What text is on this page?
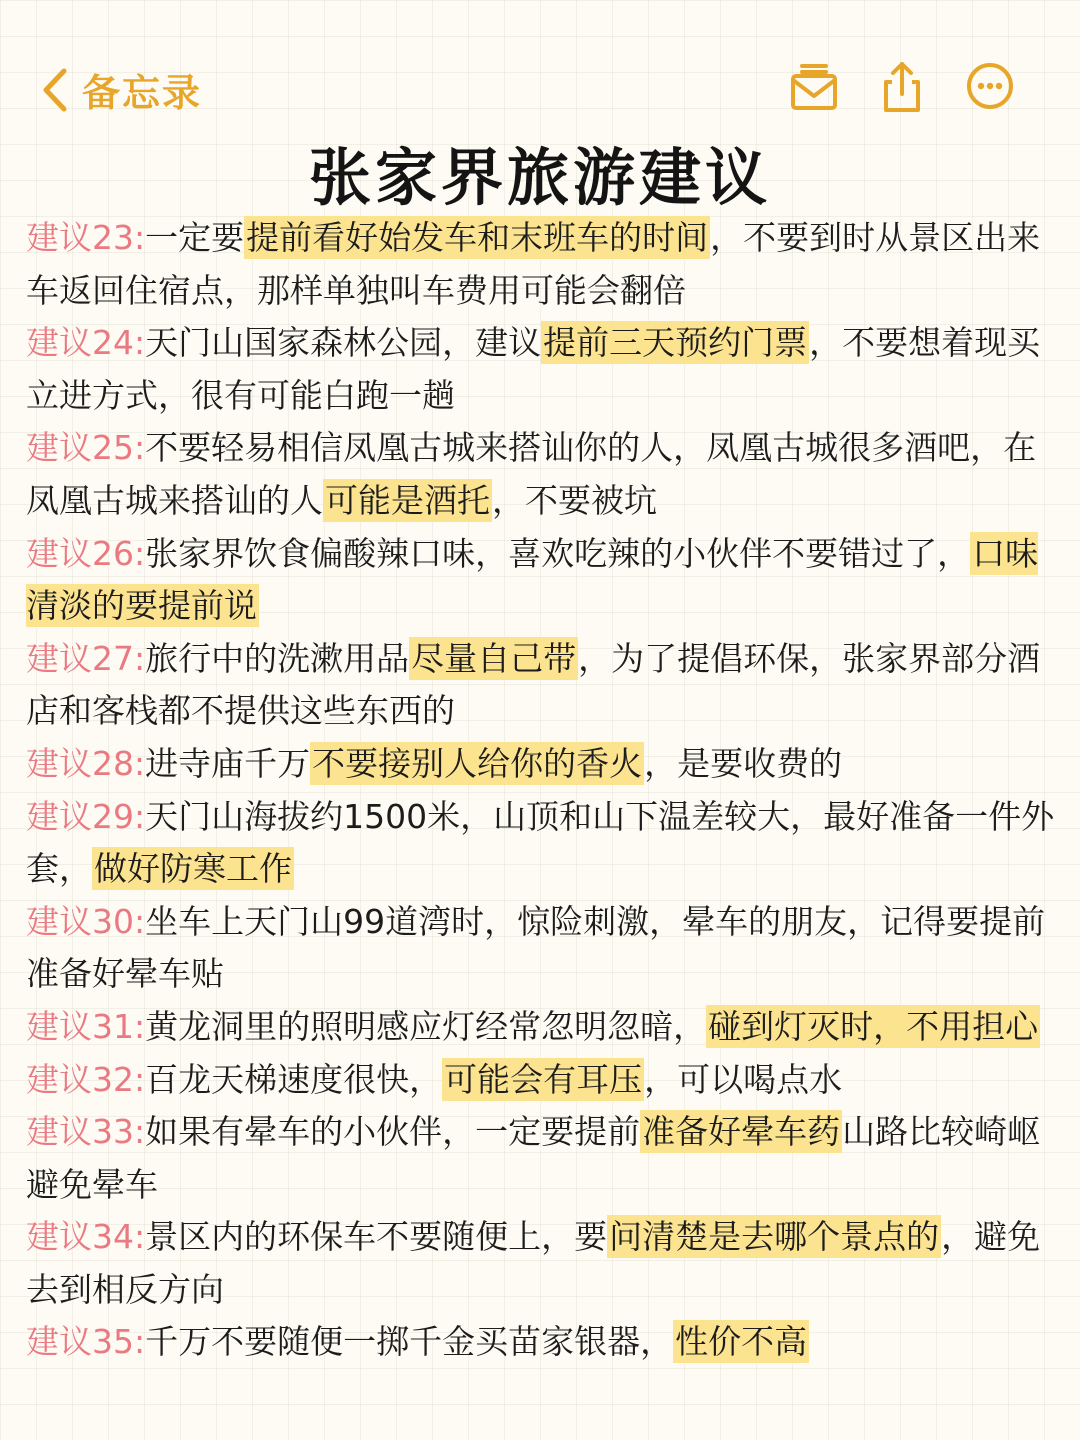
备忘录
张家界旅游建议

建议23:一定要提前看好始发车和末班车的时间，不要到时从景区出来车返回住宿点，那样单独叫车费用可能会翻倍

建议24:天门山国家森林公园，建议提前三天预约门票，不要想着现买立进方式，很有可能白跑一趟

建议25:不要轻易相信凤凰古城来搭讪你的人，凤凰古城很多酒吧，在凤凰古城来搭讪的人可能是酒托，不要被坑

建议26:张家界饮食偏酸辣口味，喜欢吃辣的小伙伴不要错过了，口味清淡的要提前说

建议27:旅行中的洗漱用品尽量自己带，为了提倡环保，张家界部分酒店和客栈都不提供这些东西的

建议28:进寺庙千万不要接别人给你的香火，是要收费的

建议29:天门山海拔约1500米，山顶和山下温差较大，最好准备一件外套，做好防寒工作

建议30:坐车上天门山99道湾时，惊险刺激，晕车的朋友，记得要提前准备好晕车贴

建议31:黄龙洞里的照明感应灯经常忽明忽暗，碰到灯灭时，不用担心

建议32:百龙天梯速度很快，可能会有耳压，可以喝点水

建议33:如果有晕车的小伙伴，一定要提前准备好晕车药山路比较崎岖避免晕车

建议34:景区内的环保车不要随便上，要问清楚是去哪个景点的，避免去到相反方向

建议35:千万不要随便一掷千金买苗家银器，性价不高
